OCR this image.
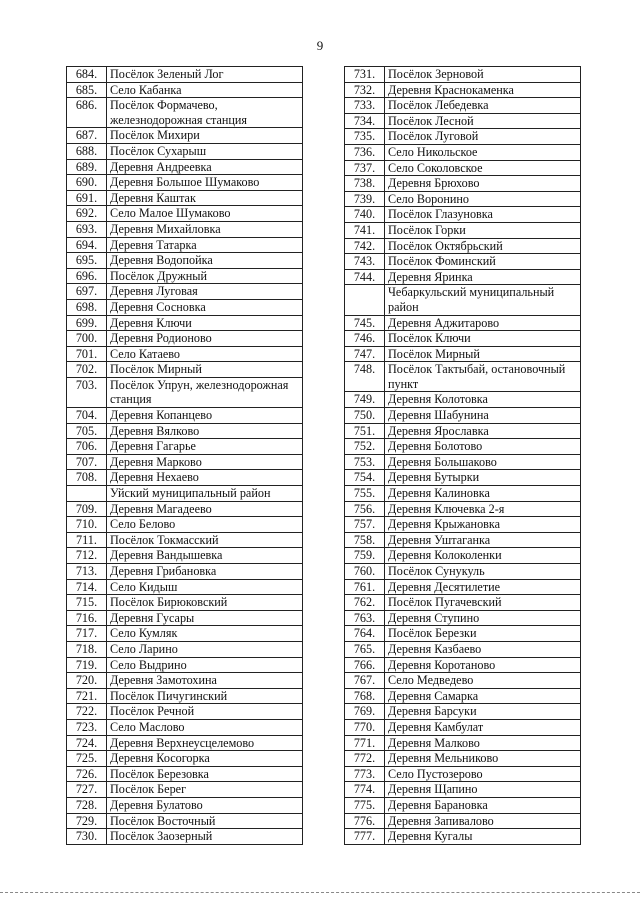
9
684.	Посёлок Зеленый Лог
685.	Село Кабанка
686.	Посёлок Формачево, железнодорожная станция
687.	Посёлок Михири
688.	Посёлок Сухарыш
689.	Деревня Андреевка
690.	Деревня Большое Шумаково
691.	Деревня Каштак
692.	Село Малое Шумаково
693.	Деревня Михайловка
694.	Деревня Татарка
695.	Деревня Водопойка
696.	Посёлок Дружный
697.	Деревня Луговая
698.	Деревня Сосновка
699.	Деревня Ключи
700.	Деревня Родионово
701.	Село Катаево
702.	Посёлок Мирный
703.	Посёлок Упрун, железнодорожная станция
704.	Деревня Копанцево
705.	Деревня Вялково
706.	Деревня Гагарье
707.	Деревня Марково
708.	Деревня Нехаево
	Уйский муниципальный район
709.	Деревня Магадеево
710.	Село Белово
711.	Посёлок Токмасский
712.	Деревня Вандышевка
713.	Деревня Грибановка
714.	Село Кидыш
715.	Посёлок Бирюковский
716.	Деревня Гусары
717.	Село Кумляк
718.	Село Ларино
719.	Село Выдрино
720.	Деревня Замотохина
721.	Посёлок Пичугинский
722.	Посёлок Речной
723.	Село Маслово
724.	Деревня Верхнеусцелемово
725.	Деревня Косогорка
726.	Посёлок Березовка
727.	Посёлок Берег
728.	Деревня Булатово
729.	Посёлок Восточный
730.	Посёлок Заозерный
731.	Посёлок Зерновой
732.	Деревня Краснокаменка
733.	Посёлок Лебедевка
734.	Посёлок Лесной
735.	Посёлок Луговой
736.	Село Никольское
737.	Село Соколовское
738.	Деревня Брюхово
739.	Село Воронино
740.	Посёлок Глазуновка
741.	Посёлок Горки
742.	Посёлок Октябрьский
743.	Посёлок Фоминский
744.	Деревня Яринка
	Чебаркульский муниципальный район
745.	Деревня Аджитарово
746.	Посёлок Ключи
747.	Посёлок Мирный
748.	Посёлок Тактыбай, остановочный пункт
749.	Деревня Колотовка
750.	Деревня Шабунина
751.	Деревня Ярославка
752.	Деревня Болотово
753.	Деревня Большаково
754.	Деревня Бутырки
755.	Деревня Калиновка
756.	Деревня Ключевка 2-я
757.	Деревня Крыжановка
758.	Деревня Уштаганка
759.	Деревня Колоколенки
760.	Посёлок Сунукуль
761.	Деревня Десятилетие
762.	Посёлок Пугачевский
763.	Деревня Ступино
764.	Посёлок Березки
765.	Деревня Казбаево
766.	Деревня Коротаново
767.	Село Медведево
768.	Деревня Самарка
769.	Деревня Барсуки
770.	Деревня Камбулат
771.	Деревня Малково
772.	Деревня Мельниково
773.	Село Пустозерово
774.	Деревня Щапино
775.	Деревня Барановка
776.	Деревня Запивалово
777.	Деревня Кугалы
